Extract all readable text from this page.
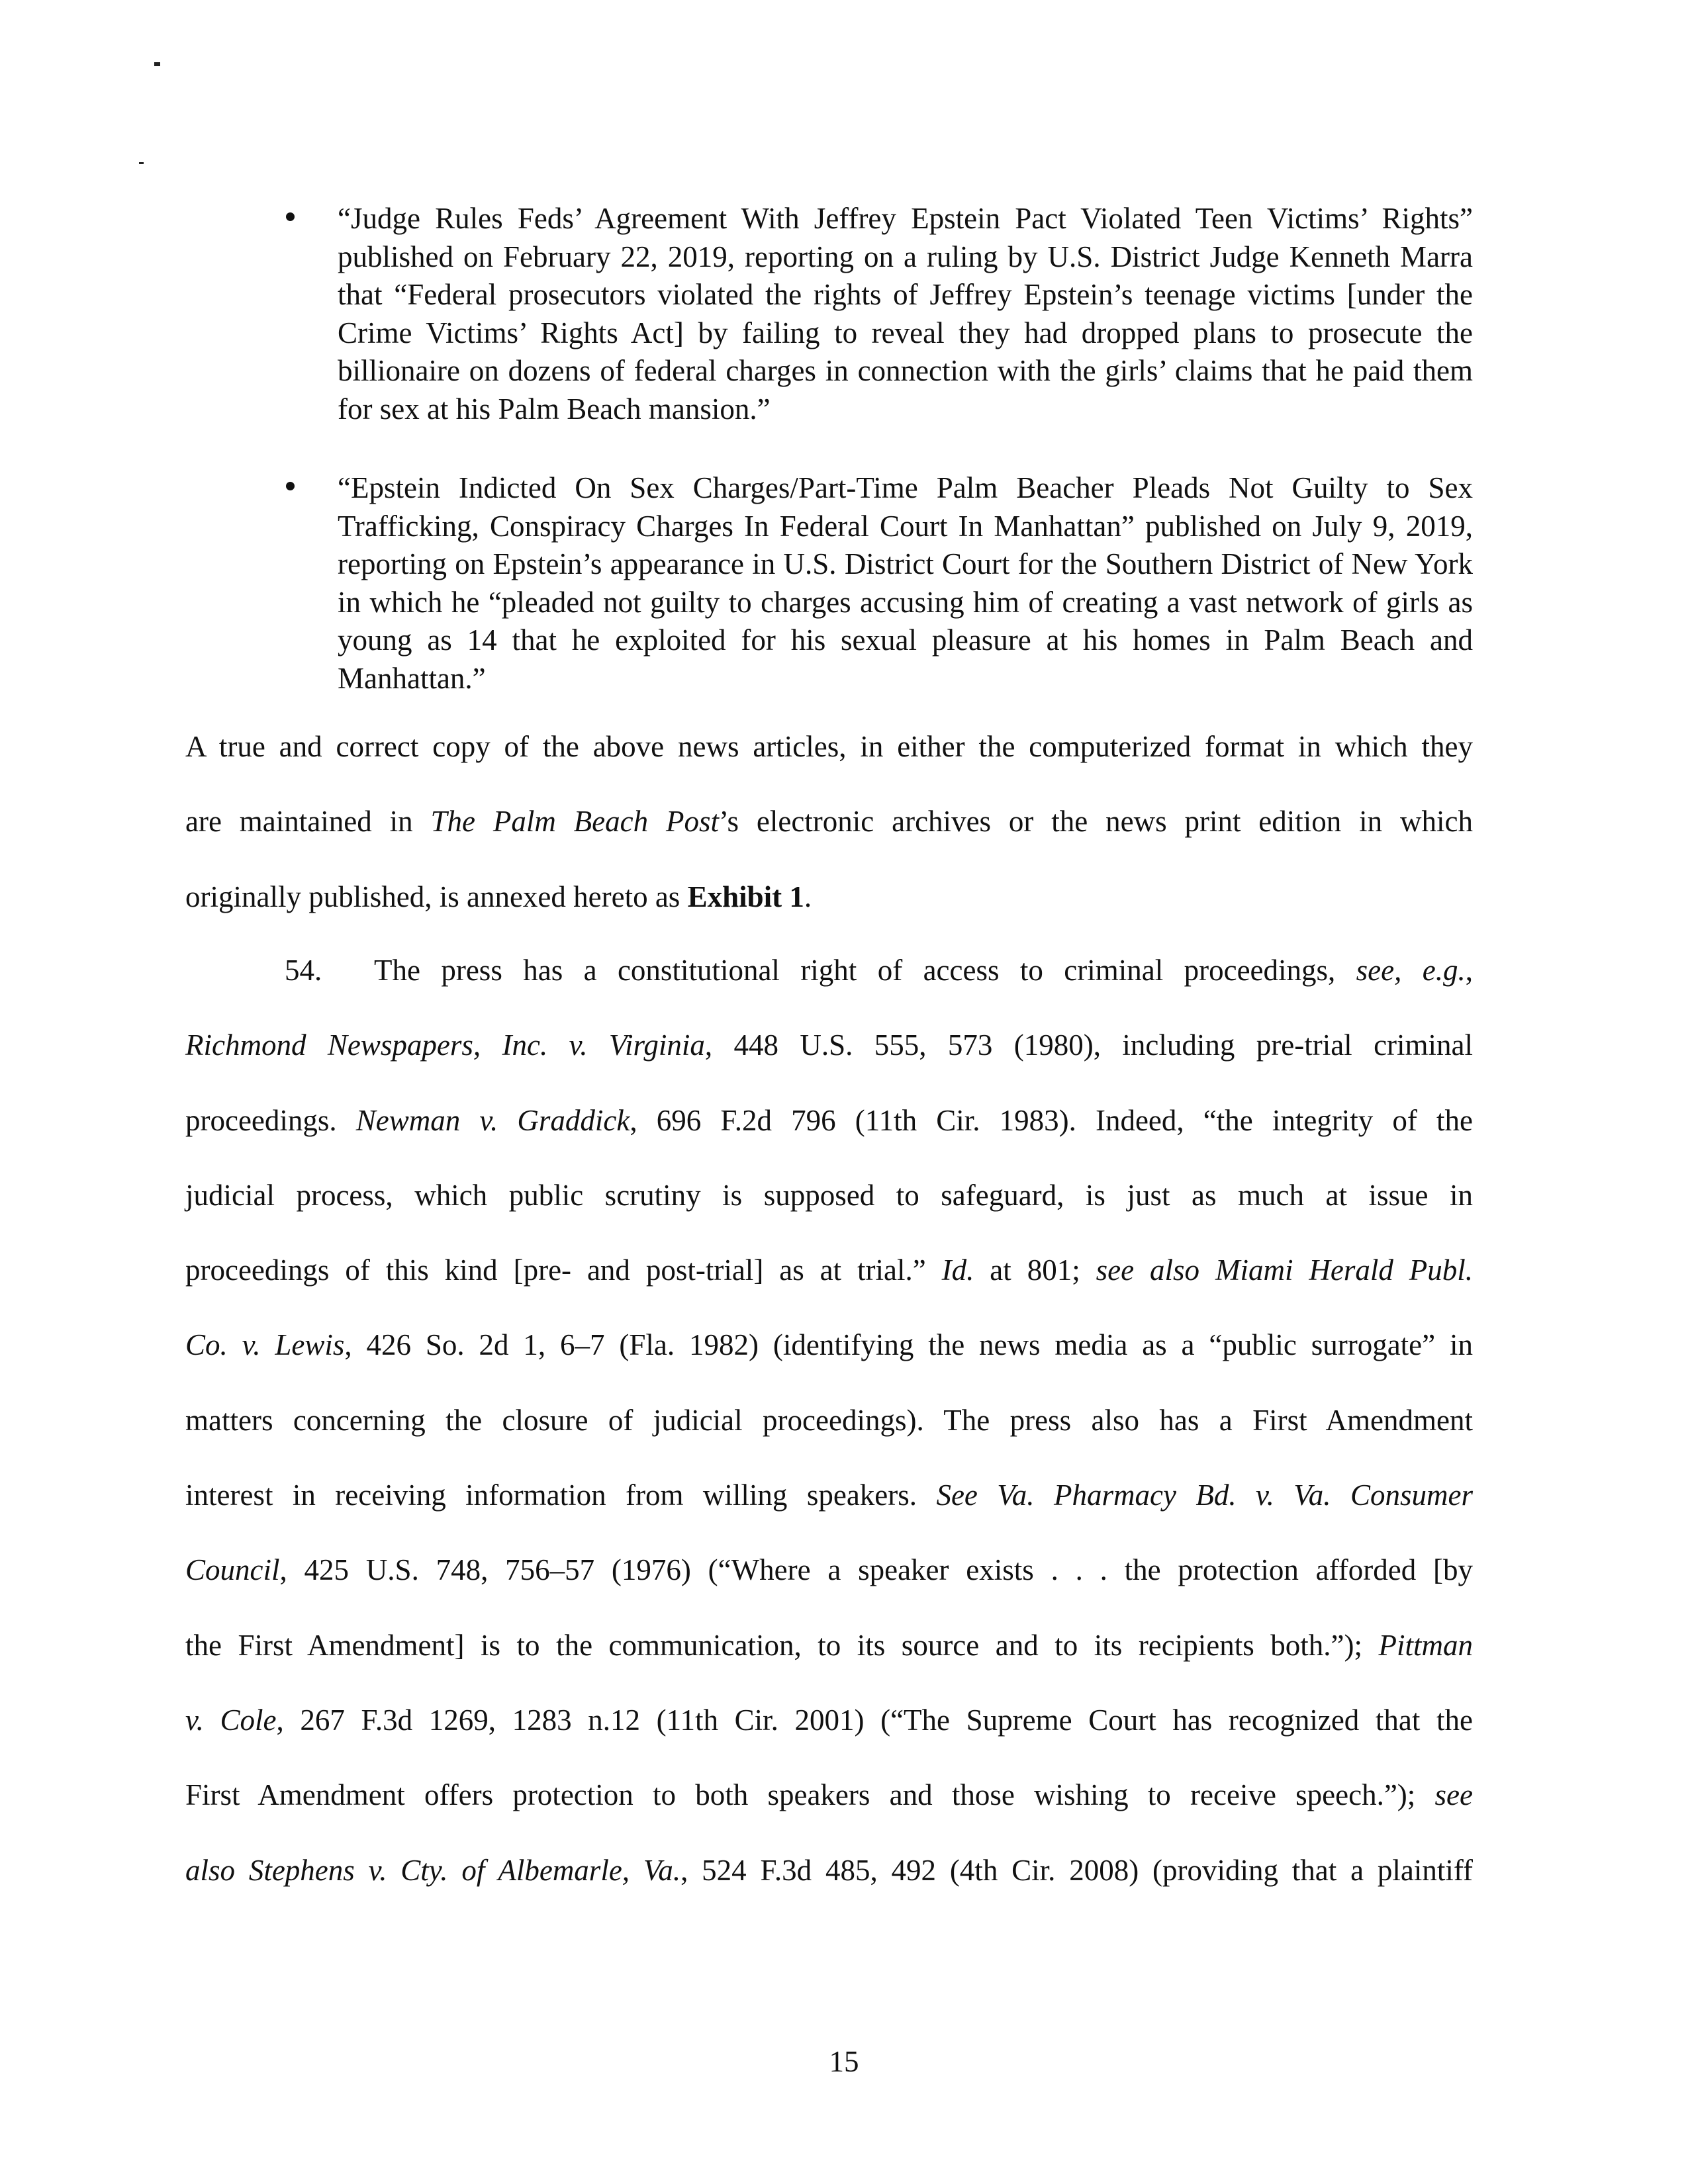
“Judge Rules Feds’ Agreement With Jeffrey Epstein Pact Violated Teen Victims’ Rights” published on February 22, 2019, reporting on a ruling by U.S. District Judge Kenneth Marra that “Federal prosecutors violated the rights of Jeffrey Epstein’s teenage victims [under the Crime Victims’ Rights Act] by failing to reveal they had dropped plans to prosecute the billionaire on dozens of federal charges in connection with the girls’ claims that he paid them for sex at his Palm Beach mansion.”
“Epstein Indicted On Sex Charges/Part-Time Palm Beacher Pleads Not Guilty to Sex Trafficking, Conspiracy Charges In Federal Court In Manhattan” published on July 9, 2019, reporting on Epstein’s appearance in U.S. District Court for the Southern District of New York in which he “pleaded not guilty to charges accusing him of creating a vast network of girls as young as 14 that he exploited for his sexual pleasure at his homes in Palm Beach and Manhattan.”
A true and correct copy of the above news articles, in either the computerized format in which they
are maintained in The Palm Beach Post’s electronic archives or the news print edition in which
originally published, is annexed hereto as Exhibit 1.
54. The press has a constitutional right of access to criminal proceedings, see, e.g.,
Richmond Newspapers, Inc. v. Virginia, 448 U.S. 555, 573 (1980), including pre-trial criminal
proceedings. Newman v. Graddick, 696 F.2d 796 (11th Cir. 1983). Indeed, “the integrity of the
judicial process, which public scrutiny is supposed to safeguard, is just as much at issue in
proceedings of this kind [pre- and post-trial] as at trial.” Id. at 801; see also Miami Herald Publ.
Co. v. Lewis, 426 So. 2d 1, 6–7 (Fla. 1982) (identifying the news media as a “public surrogate” in
matters concerning the closure of judicial proceedings). The press also has a First Amendment
interest in receiving information from willing speakers. See Va. Pharmacy Bd. v. Va. Consumer
Council, 425 U.S. 748, 756–57 (1976) (“Where a speaker exists . . . the protection afforded [by
the First Amendment] is to the communication, to its source and to its recipients both.”); Pittman
v. Cole, 267 F.3d 1269, 1283 n.12 (11th Cir. 2001) (“The Supreme Court has recognized that the
First Amendment offers protection to both speakers and those wishing to receive speech.”); see
also Stephens v. Cty. of Albemarle, Va., 524 F.3d 485, 492 (4th Cir. 2008) (providing that a plaintiff
15
